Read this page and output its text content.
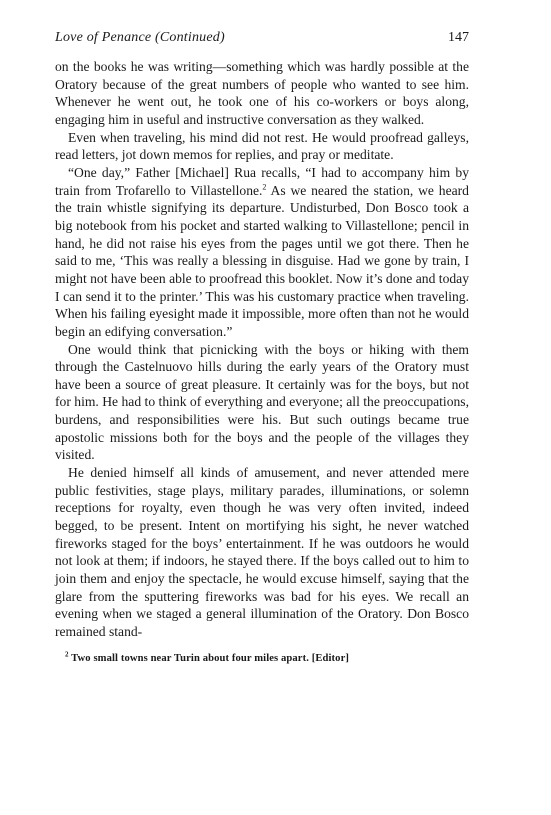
Love of Penance (Continued)	147

on the books he was writing—something which was hardly possible at the Oratory because of the great numbers of people who wanted to see him. Whenever he went out, he took one of his co-workers or boys along, engaging him in useful and instructive conversation as they walked.

Even when traveling, his mind did not rest. He would proofread galleys, read letters, jot down memos for replies, and pray or meditate.

“One day,” Father [Michael] Rua recalls, “I had to accompany him by train from Trofarello to Villastellone.$^2$ As we neared the station, we heard the train whistle signifying its departure. Undisturbed, Don Bosco took a big notebook from his pocket and started walking to Villastellone; pencil in hand, he did not raise his eyes from the pages until we got there. Then he said to me, ‘This was really a blessing in disguise. Had we gone by train, I might not have been able to proofread this booklet. Now it’s done and today I can send it to the printer.’ This was his customary practice when traveling. When his failing eyesight made it impossible, more often than not he would begin an edifying conversation.”

One would think that picnicking with the boys or hiking with them through the Castelnuovo hills during the early years of the Oratory must have been a source of great pleasure. It certainly was for the boys, but not for him. He had to think of everything and everyone; all the preoccupations, burdens, and responsibilities were his. But such outings became true apostolic missions both for the boys and the people of the villages they visited.

He denied himself all kinds of amusement, and never attended mere public festivities, stage plays, military parades, illuminations, or solemn receptions for royalty, even though he was very often invited, indeed begged, to be present. Intent on mortifying his sight, he never watched fireworks staged for the boys’ entertainment. If he was outdoors he would not look at them; if indoors, he stayed there. If the boys called out to him to join them and enjoy the spectacle, he would excuse himself, saying that the glare from the sputtering fireworks was bad for his eyes. We recall an evening when we staged a general illumination of the Oratory. Don Bosco remained stand-

$^2$ Two small towns near Turin about four miles apart. [Editor]
